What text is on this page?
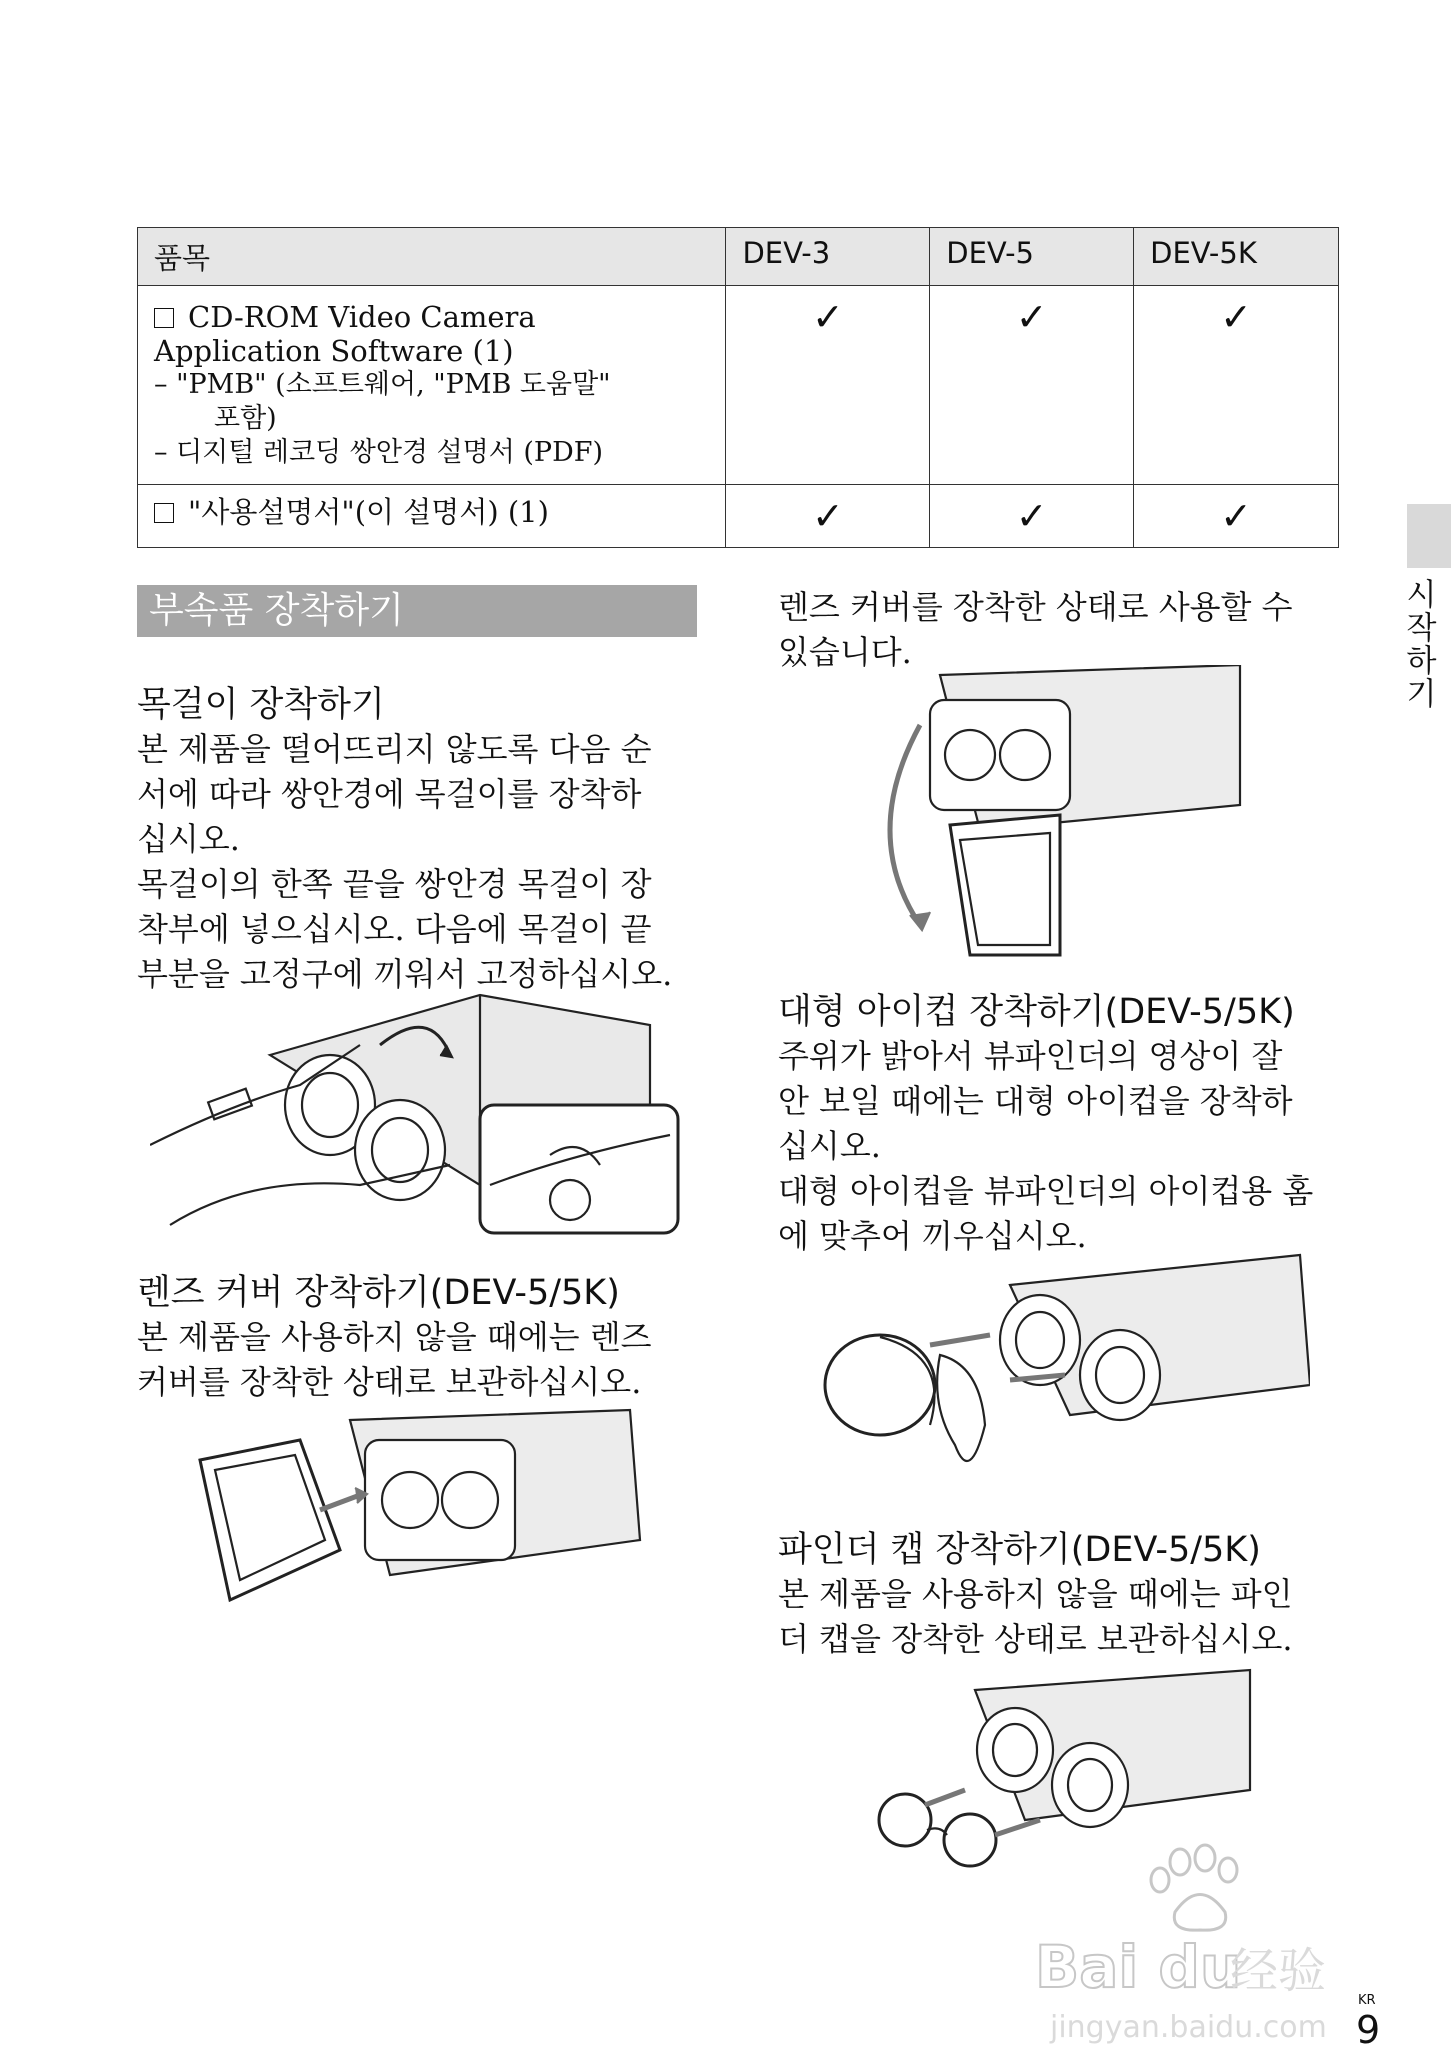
품목	DEV-3	DEV-5	DEV-5K

CD-ROM Video Camera
Application Software (1)
– "PMB" (소프트웨어, "PMB 도움말"
포함)
– 디지털 레코딩 쌍안경 설명서 (PDF)	✓	✓	✓
"사용설명서"(이 설명서) (1)	✓	✓	✓
시작하기
부속품 장착하기
목걸이 장착하기
본 제품을 떨어뜨리지 않도록 다음 순
서에 따라 쌍안경에 목걸이를 장착하
십시오.
목걸이의 한쪽 끝을 쌍안경 목걸이 장
착부에 넣으십시오. 다음에 목걸이 끝
부분을 고정구에 끼워서 고정하십시오.
렌즈 커버 장착하기(DEV-5/5K)
본 제품을 사용하지 않을 때에는 렌즈
커버를 장착한 상태로 보관하십시오.
렌즈 커버를 장착한 상태로 사용할 수
있습니다.
대형 아이컵 장착하기(DEV-5/5K)
주위가 밝아서 뷰파인더의 영상이 잘
안 보일 때에는 대형 아이컵을 장착하
십시오.
대형 아이컵을 뷰파인더의 아이컵용 홈
에 맞추어 끼우십시오.
파인더 캡 장착하기(DEV-5/5K)
본 제품을 사용하지 않을 때에는 파인
더 캡을 장착한 상태로 보관하십시오.
KR
9
Bai du
经验
jingyan.baidu.com
